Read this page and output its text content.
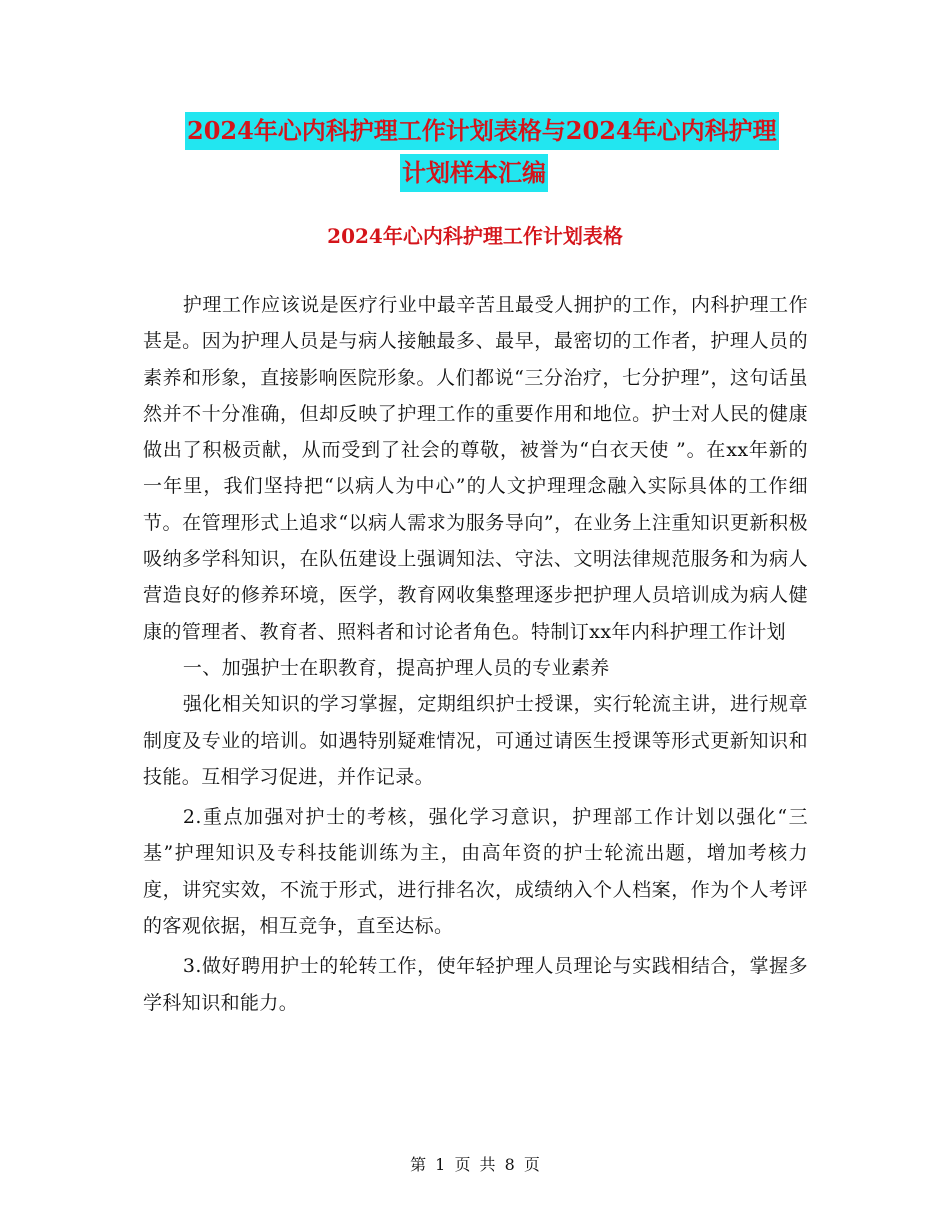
2024年心内科护理工作计划表格与2024年心内科护理
计划样本汇编
2024年心内科护理工作计划表格

护理工作应该说是医疗行业中最辛苦且最受人拥护的工作，内科护理工作甚是。因为护理人员是与病人接触最多、最早，最密切的工作者，护理人员的素养和形象，直接影响医院形象。人们都说“三分治疗，七分护理”，这句话虽然并不十分准确，但却反映了护理工作的重要作用和地位。护士对人民的健康做出了积极贡献，从而受到了社会的尊敬，被誉为“白衣天使 ”。在xx年新的一年里，我们坚持把“以病人为中心”的人文护理理念融入实际具体的工作细节。在管理形式上追求“以病人需求为服务导向”，在业务上注重知识更新积极吸纳多学科知识，在队伍建设上强调知法、守法、文明法律规范服务和为病人营造良好的修养环境，医学，教育网收集整理逐步把护理人员培训成为病人健康的管理者、教育者、照料者和讨论者角色。特制订xx年内科护理工作计划

一、加强护士在职教育，提高护理人员的专业素养

强化相关知识的学习掌握，定期组织护士授课，实行轮流主讲，进行规章制度及专业的培训。如遇特别疑难情况，可通过请医生授课等形式更新知识和技能。互相学习促进，并作记录。

2.重点加强对护士的考核，强化学习意识，护理部工作计划以强化“三基”护理知识及专科技能训练为主，由高年资的护士轮流出题，增加考核力度，讲究实效，不流于形式，进行排名次，成绩纳入个人档案，作为个人考评的客观依据，相互竞争，直至达标。

3.做好聘用护士的轮转工作，使年轻护理人员理论与实践相结合，掌握多学科知识和能力。

第 1 页 共 8 页
